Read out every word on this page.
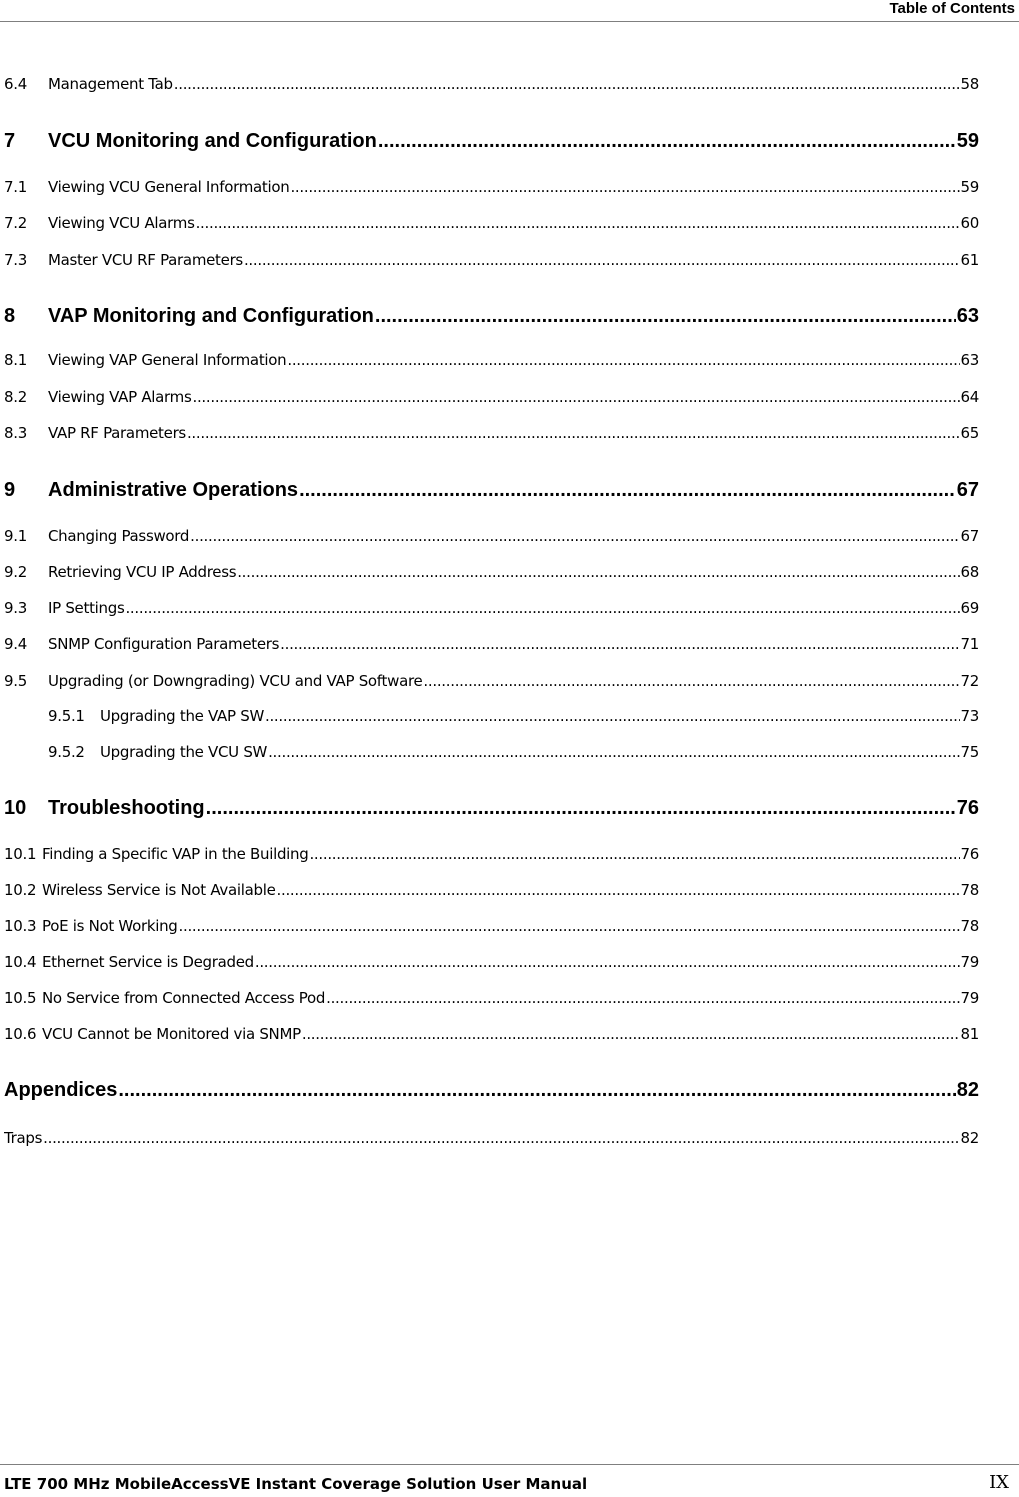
Table of Contents
6.4	Management Tab .....	58
7	VCU Monitoring and Configuration .....	59
7.1	Viewing VCU General Information .....	59
7.2	Viewing VCU Alarms .....	60
7.3	Master VCU RF Parameters .....	61
8	VAP Monitoring and Configuration .....	63
8.1	Viewing VAP General Information .....	63
8.2	Viewing VAP Alarms .....	64
8.3	VAP RF Parameters .....	65
9	Administrative Operations .....	67
9.1	Changing Password .....	67
9.2	Retrieving VCU IP Address .....	68
9.3	IP Settings .....	69
9.4	SNMP Configuration Parameters .....	71
9.5	Upgrading (or Downgrading) VCU and VAP Software .....	72
9.5.1	Upgrading the VAP SW .....	73
9.5.2	Upgrading the VCU SW .....	75
10	Troubleshooting .....	76
10.1 Finding a Specific VAP in the Building .....	76
10.2 Wireless Service is Not Available .....	78
10.3 PoE is Not Working .....	78
10.4 Ethernet Service is Degraded .....	79
10.5 No Service from Connected Access Pod .....	79
10.6 VCU Cannot be Monitored via SNMP .....	81
Appendices .....	82
Traps .....	82
LTE 700 MHz MobileAccessVE Instant Coverage Solution User Manual	IX
